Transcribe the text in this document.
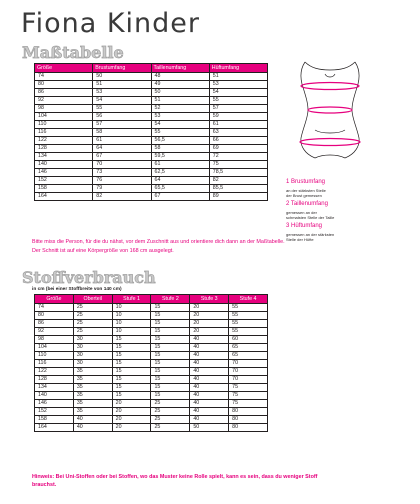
Fiona Kinder
Maßtabelle
Größe	Brustumfang	Taillenumfang	Hüftumfang
74	50	48	51
80	51	49	53
86	53	50	54
92	54	51	55
98	55	52	57
104	56	53	59
110	57	54	61
116	58	55	63
122	61	56,5	66
128	64	58	69
134	67	59,5	72
140	70	61	75
146	73	62,5	78,5
152	76	64	82
158	79	65,5	85,5
164	82	67	89
1 Brustumfang
an der stärksten Stelle
der Brust gemessen
2 Taillenumfang
gemessen an der
schmalsten Stelle der Taille
3 Hüftumfang
gemessen an der stärksten
Stelle der Hüfte
Bitte miss die Person, für die du nähst, vor dem Zuschnitt aus und orientiere dich dann an der Maßtabelle.
Der Schnitt ist auf eine Körpergröße von 168 cm ausgelegt.
Stoffverbrauch
in cm (bei einer Stoffbreite von 140 cm)
Größe	Oberteil	Stufe 1	Stufe 2	Stufe 3	Stufe 4
74	25	10	15	20	55
80	25	10	15	20	55
86	25	10	15	20	55
92	25	10	15	20	55
98	30	15	15	40	60
104	30	15	15	40	65
110	30	15	15	40	65
116	30	15	15	40	70
122	35	15	15	40	70
128	35	15	15	40	70
134	35	15	15	40	75
140	35	15	15	40	75
146	35	20	25	40	75
152	35	20	25	40	80
158	40	20	25	40	80
164	40	20	25	50	80
Hinweis: Bei Uni-Stoffen oder bei Stoffen, wo das Muster keine Rolle spielt, kann es sein, dass du weniger Stoff brauchst.
